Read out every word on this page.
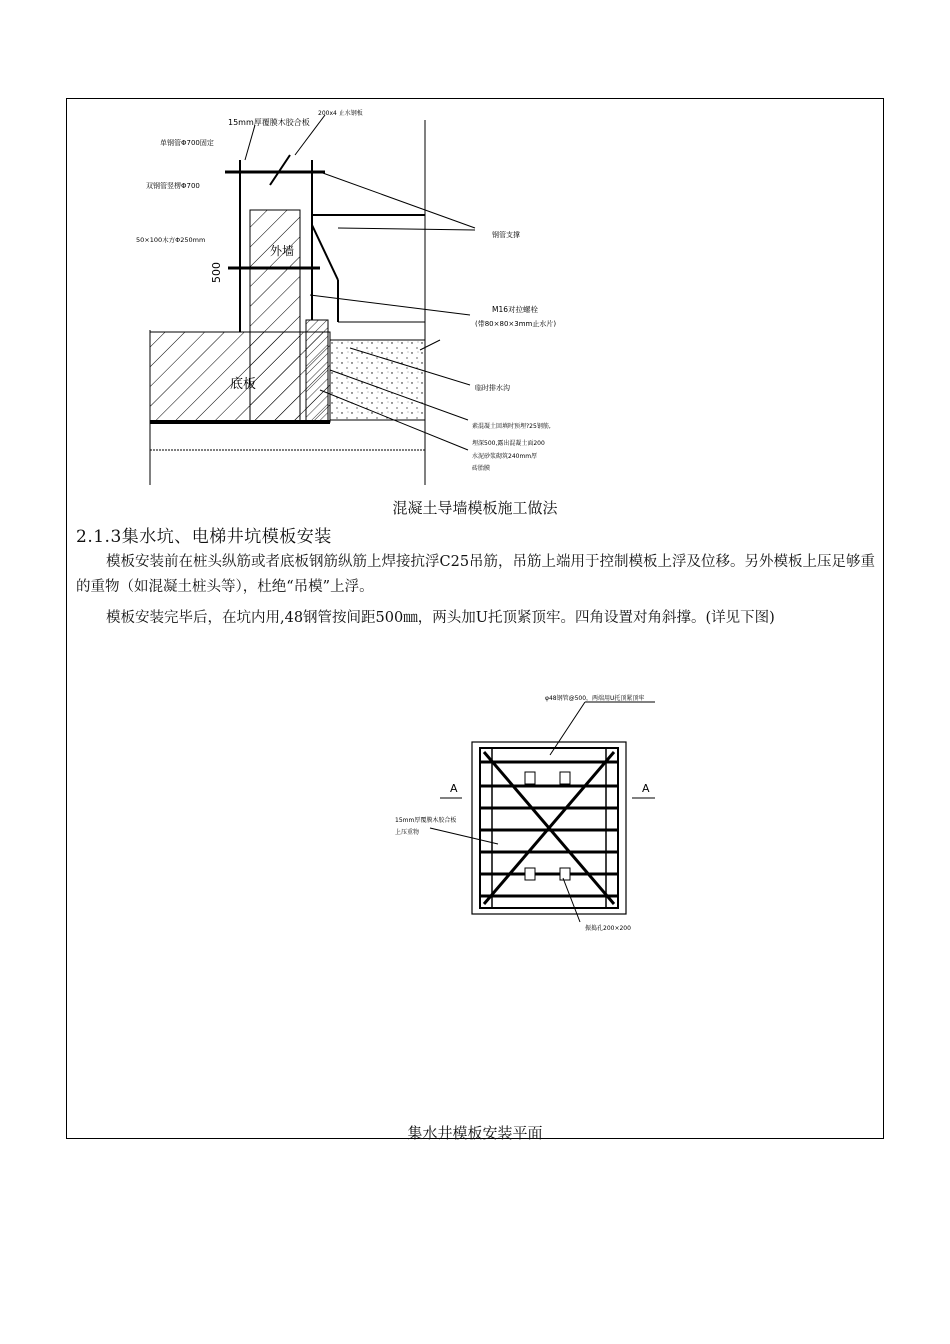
15mm厚覆膜木胶合板
200x4 止水钢板
单钢管Φ700固定
双钢管竖楞Φ700
50×100木方Φ250mm
500
外墙
底板
钢管支撑
M16对拉螺栓
(带80×80×3mm止水片)
临时排水沟
素混凝土回填时预埋?25钢筋,
埋深500,露出混凝土面200
水泥砂浆砌筑240mm厚
砖胎膜
混凝土导墙模板施工做法
2.1.3集水坑、电梯井坑模板安装
模板安装前在桩头纵筋或者底板钢筋纵筋上焊接抗浮C25吊筋，吊筋上端用于控制模板上浮及位移。另外模板上压足够重的重物（如混凝土桩头等），杜绝“吊模”上浮。
模板安装完毕后，在坑内用,48钢管按间距500㎜，两头加U托顶紧顶牢。四角设置对角斜撑。(详见下图)
φ48钢管@500，两端用U托顶紧顶牢
A	A
15mm厚覆膜木胶合板
上压重物
振捣孔200×200
集水井模板安装平面
